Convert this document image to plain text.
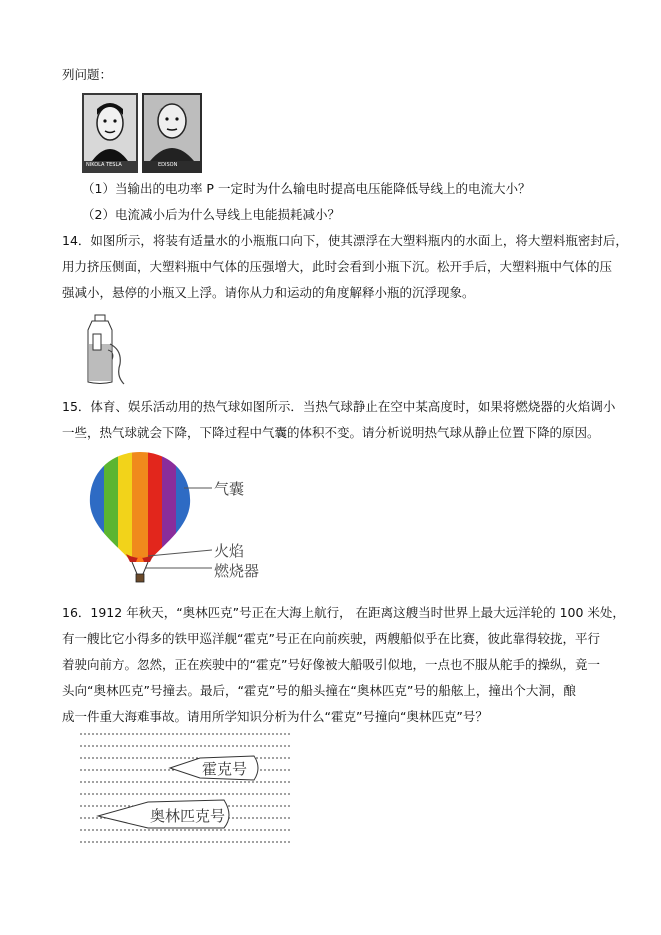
列问题：
NIKOLA TESLA	EDISON
（1）当输出的电功率 P 一定时为什么输电时提高电压能降低导线上的电流大小？
（2）电流减小后为什么导线上电能损耗减小？
14．如图所示，将装有适量水的小瓶瓶口向下，使其漂浮在大塑料瓶内的水面上，将大塑料瓶密封后，
用力挤压侧面，大塑料瓶中气体的压强增大，此时会看到小瓶下沉。松开手后，大塑料瓶中气体的压
强减小，悬停的小瓶又上浮。请你从力和运动的角度解释小瓶的沉浮现象。
15．体育、娱乐活动用的热气球如图所示．当热气球静止在空中某高度时，如果将燃烧器的火焰调小
一些，热气球就会下降，下降过程中气囊的体积不变。请分析说明热气球从静止位置下降的原因。
气囊
火焰
燃烧器
16．1912 年秋天，“奥林匹克”号正在大海上航行， 在距离这艘当时世界上最大远洋轮的 100 米处，
有一艘比它小得多的铁甲巡洋舰“霍克”号正在向前疾驶，两艘船似乎在比赛，彼此靠得较拢，平行
着驶向前方。忽然，正在疾驶中的“霍克”号好像被大船吸引似地，一点也不服从舵手的操纵，竟一
头向“奥林匹克”号撞去。最后，“霍克”号的船头撞在“奥林匹克”号的船舷上，撞出个大洞，酿
成一件重大海难事故。请用所学知识分析为什么“霍克”号撞向“奥林匹克”号？
霍克号
奥林匹克号
